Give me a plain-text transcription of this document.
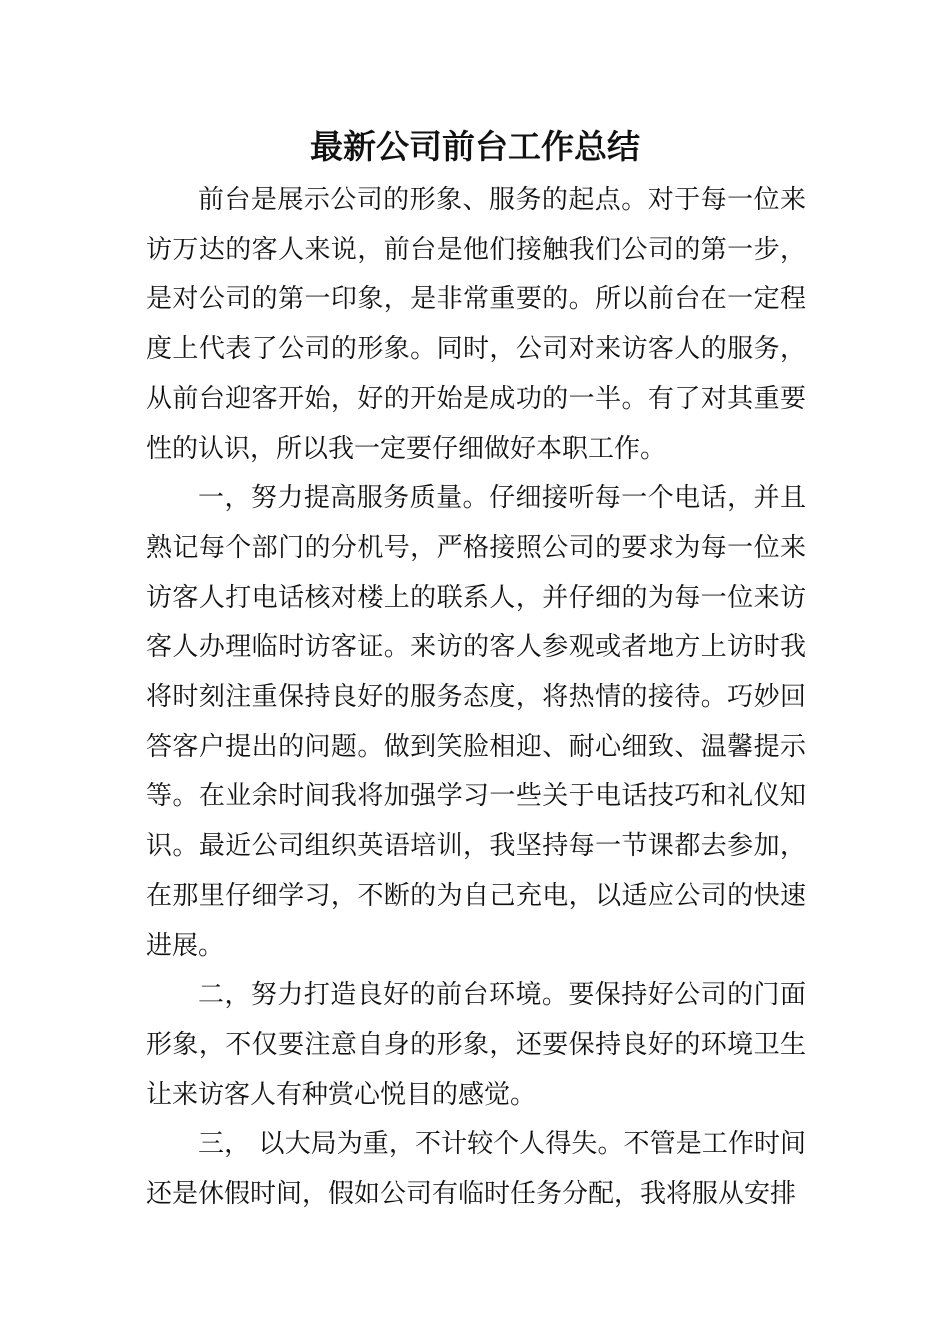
最新公司前台工作总结

前台是展示公司的形象、服务的起点。对于每一位来访万达的客人来说，前台是他们接触我们公司的第一步，是对公司的第一印象，是非常重要的。所以前台在一定程度上代表了公司的形象。同时，公司对来访客人的服务，从前台迎客开始，好的开始是成功的一半。有了对其重要性的认识，所以我一定要仔细做好本职工作。

一，努力提高服务质量。仔细接听每一个电话，并且熟记每个部门的分机号，严格接照公司的要求为每一位来访客人打电话核对楼上的联系人，并仔细的为每一位来访客人办理临时访客证。来访的客人参观或者地方上访时我将时刻注重保持良好的服务态度，将热情的接待。巧妙回答客户提出的问题。做到笑脸相迎、耐心细致、温馨提示等。在业余时间我将加强学习一些关于电话技巧和礼仪知识。最近公司组织英语培训，我坚持每一节课都去参加，在那里仔细学习，不断的为自己充电，以适应公司的快速进展。

二，努力打造良好的前台环境。要保持好公司的门面形象，不仅要注意自身的形象，还要保持良好的环境卫生让来访客人有种赏心悦目的感觉。

三， 以大局为重，不计较个人得失。不管是工作时间还是休假时间，假如公司有临时任务分配，我将服从安排
